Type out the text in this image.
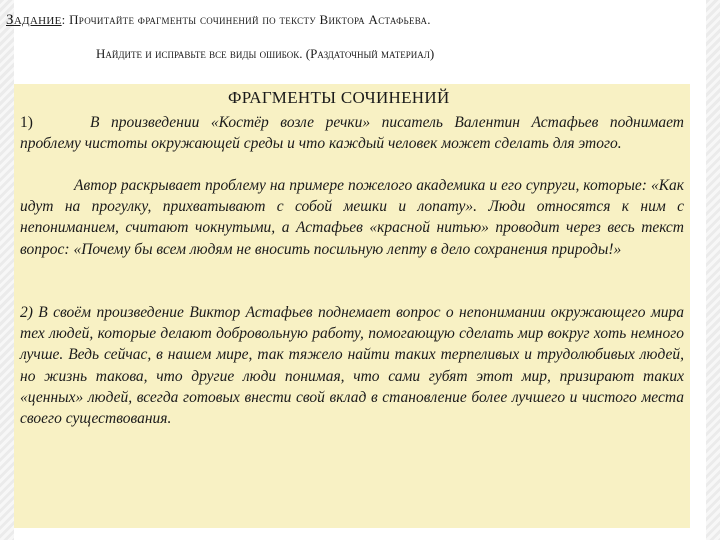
Задание: Прочитайте фрагменты сочинений по тексту Виктора Астафьева.
Найдите и исправьте все виды ошибок. (Раздаточный материал)
ФРАГМЕНТЫ СОЧИНЕНИЙ
1)	В произведении «Костёр возле речки» писатель Валентин Астафьев поднимает проблему чистоты окружающей среды и что каждый человек может сделать для этого.
Автор раскрывает проблему на примере пожелого академика и его супруги, которые: «Как идут на прогулку, прихватывают с собой мешки и лопату». Люди относятся к ним с непониманием, считают чокнутыми, а Астафьев «красной нитью» проводит через весь текст вопрос: «Почему бы всем людям не вносить посильную лепту в дело сохранения природы!»
2) В своём произведение Виктор Астафьев поднемает вопрос о непонимании окружающего мира тех людей, которые делают добровольную работу, помогающую сделать мир вокруг хоть немного лучше. Ведь сейчас, в нашем мире, так тяжело найти таких терпеливых и трудолюбивых людей, но жизнь такова, что другие люди понимая, что сами губят этот мир, призирают таких «ценных» людей, всегда готовых внести свой вклад в становление более лучшего и чистого места своего существования.
